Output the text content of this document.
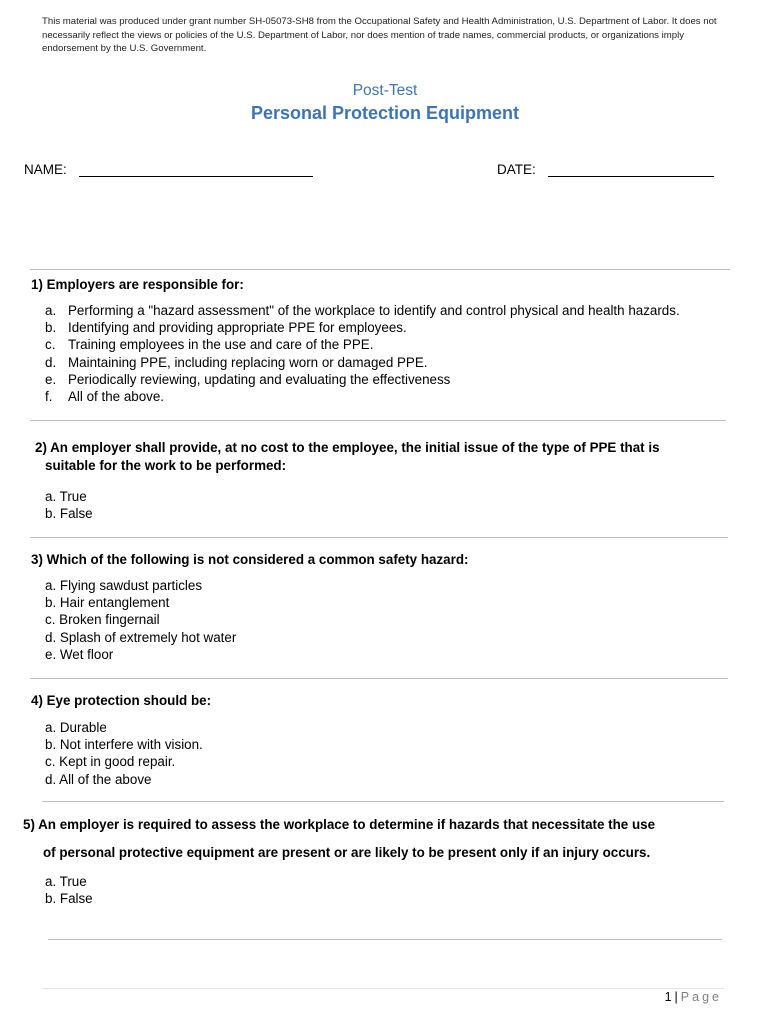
This material was produced under grant number SH-05073-SH8 from the Occupational Safety and Health Administration, U.S. Department of Labor. It does not necessarily reflect the views or policies of the U.S. Department of Labor, nor does mention of trade names, commercial products, or organizations imply endorsement by the U.S. Government.
Post-Test
Personal Protection Equipment
NAME:	DATE:
1) Employers are responsible for:
a. Performing a "hazard assessment" of the workplace to identify and control physical and health hazards.
b. Identifying and providing appropriate PPE for employees.
c. Training employees in the use and care of the PPE.
d. Maintaining PPE, including replacing worn or damaged PPE.
e. Periodically reviewing, updating and evaluating the effectiveness
f. All of the above.
2) An employer shall provide, at no cost to the employee, the initial issue of the type of PPE that is
suitable for the work to be performed:
a. True
b. False
3) Which of the following is not considered a common safety hazard:
a. Flying sawdust particles
b. Hair entanglement
c. Broken fingernail
d. Splash of extremely hot water
e. Wet floor
4) Eye protection should be:
a. Durable
b. Not interfere with vision.
c. Kept in good repair.
d. All of the above
5) An employer is required to assess the workplace to determine if hazards that necessitate the use
of personal protective equipment are present or are likely to be present only if an injury occurs.
a. True
b. False
1 | Page
